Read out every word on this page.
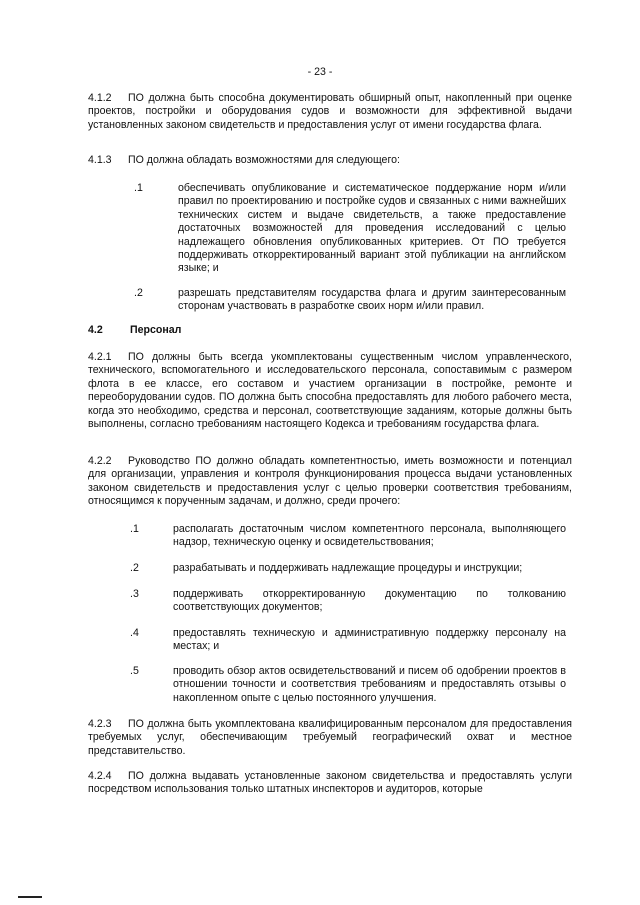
- 23 -
4.1.2 ПО должна быть способна документировать обширный опыт, накопленный при оценке проектов, постройки и оборудования судов и возможности для эффективной выдачи установленных законом свидетельств и предоставления услуг от имени государства флага.
4.1.3 ПО должна обладать возможностями для следующего:
.1	обеспечивать опубликование и систематическое поддержание норм и/или правил по проектированию и постройке судов и связанных с ними важнейших технических систем и выдаче свидетельств, а также предоставление достаточных возможностей для проведения исследований с целью надлежащего обновления опубликованных критериев. От ПО требуется поддерживать откорректированный вариант этой публикации на английском языке; и
.2	разрешать представителям государства флага и другим заинтересованным сторонам участвовать в разработке своих норм и/или правил.
4.2	Персонал
4.2.1 ПО должны быть всегда укомплектованы существенным числом управленческого, технического, вспомогательного и исследовательского персонала, сопоставимым с размером флота в ее классе, его составом и участием организации в постройке, ремонте и переоборудовании судов. ПО должна быть способна предоставлять для любого рабочего места, когда это необходимо, средства и персонал, соответствующие заданиям, которые должны быть выполнены, согласно требованиям настоящего Кодекса и требованиям государства флага.
4.2.2 Руководство ПО должно обладать компетентностью, иметь возможности и потенциал для организации, управления и контроля функционирования процесса выдачи установленных законом свидетельств и предоставления услуг с целью проверки соответствия требованиям, относящимся к порученным задачам, и должно, среди прочего:
.1	располагать достаточным числом компетентного персонала, выполняющего надзор, техническую оценку и освидетельствования;
.2	разрабатывать и поддерживать надлежащие процедуры и инструкции;
.3	поддерживать откорректированную документацию по толкованию соответствующих документов;
.4	предоставлять техническую и административную поддержку персоналу на местах; и
.5	проводить обзор актов освидетельствований и писем об одобрении проектов в отношении точности и соответствия требованиям и предоставлять отзывы о накопленном опыте с целью постоянного улучшения.
4.2.3 ПО должна быть укомплектована квалифицированным персоналом для предоставления требуемых услуг, обеспечивающим требуемый географический охват и местное представительство.
4.2.4 ПО должна выдавать установленные законом свидетельства и предоставлять услуги посредством использования только штатных инспекторов и аудиторов, которые
